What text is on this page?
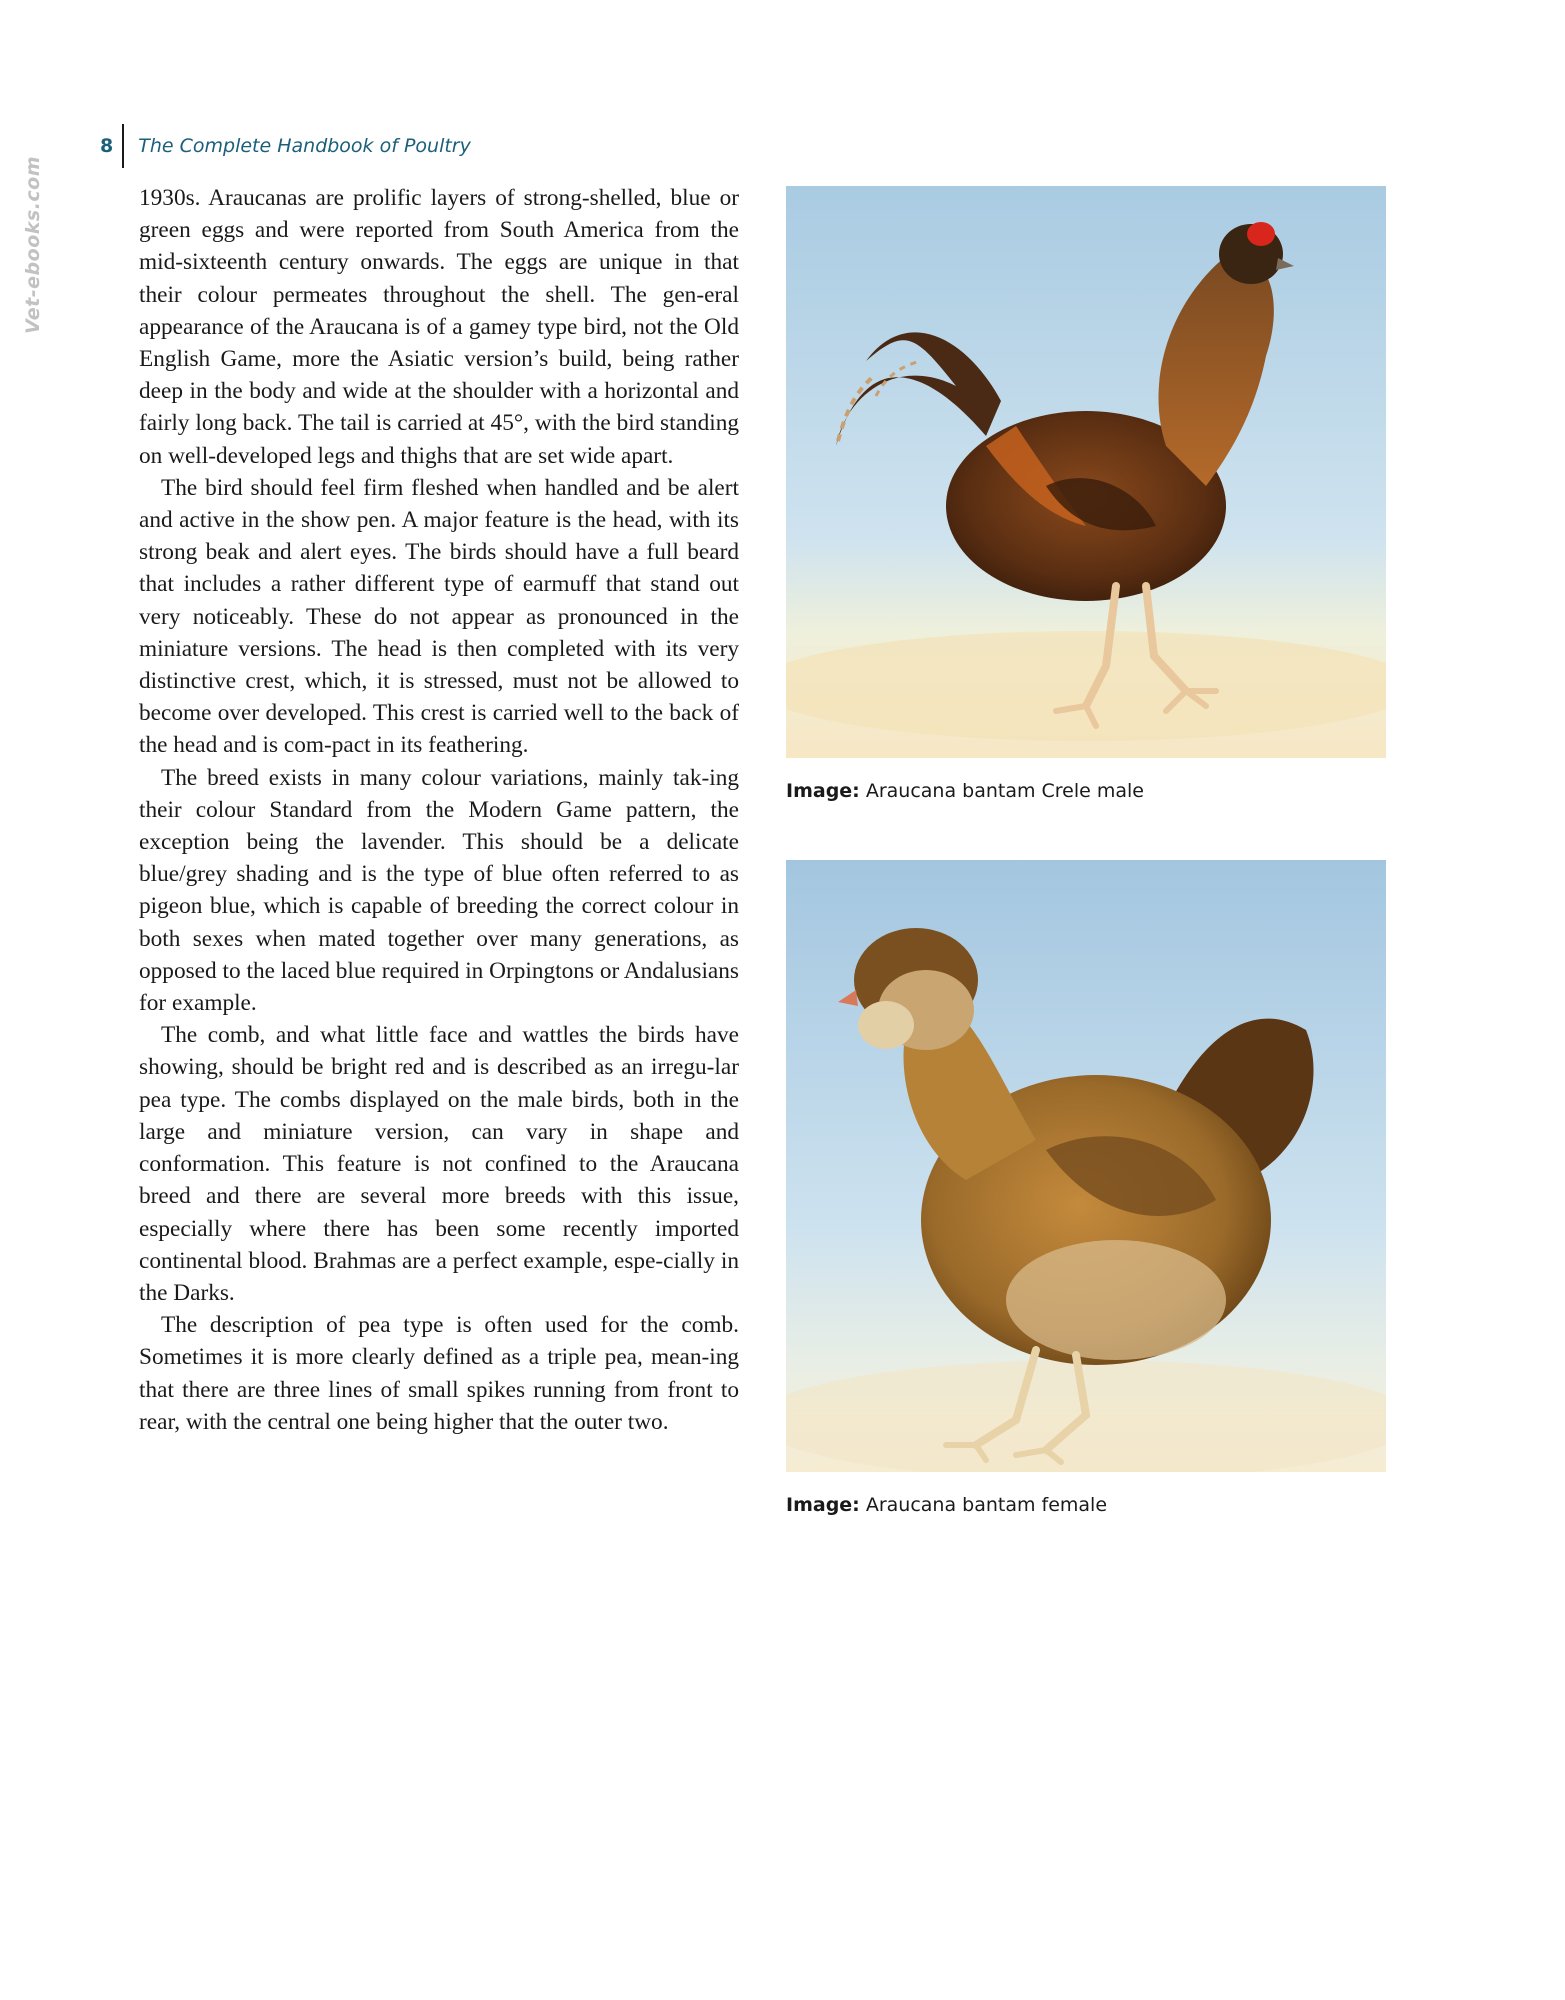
8	The Complete Handbook of Poultry
Vet-ebooks.com	1930s. Araucanas are prolific layers of strong-shelled, blue or green eggs and were reported from South America from the mid-sixteenth century onwards. The eggs are unique in that their colour permeates throughout the shell. The gen-eral appearance of the Araucana is of a gamey type bird, not the Old English Game, more the Asiatic version’s build, being rather deep in the body and wide at the shoulder with a horizontal and fairly long back. The tail is carried at 45°, with the bird standing on well-developed legs and thighs that are set wide apart.

The bird should feel firm fleshed when handled and be alert and active in the show pen. A major feature is the head, with its strong beak and alert eyes. The birds should have a full beard that includes a rather different type of earmuff that stand out very noticeably. These do not appear as pronounced in the miniature versions. The head is then completed with its very distinctive crest, which, it is stressed, must not be allowed to become over developed. This crest is carried well to the back of the head and is com-pact in its feathering.

The breed exists in many colour variations, mainly tak-ing their colour Standard from the Modern Game pattern, the exception being the lavender. This should be a delicate blue/grey shading and is the type of blue often referred to as pigeon blue, which is capable of breeding the correct colour in both sexes when mated together over many generations, as opposed to the laced blue required in Orpingtons or Andalusians for example.

The comb, and what little face and wattles the birds have showing, should be bright red and is described as an irregu-lar pea type. The combs displayed on the male birds, both in the large and miniature version, can vary in shape and conformation. This feature is not confined to the Araucana breed and there are several more breeds with this issue, especially where there has been some recently imported continental blood. Brahmas are a perfect example, espe-cially in the Darks.

The description of pea type is often used for the comb. Sometimes it is more clearly defined as a triple pea, mean-ing that there are three lines of small spikes running from front to rear, with the central one being higher that the outer two.

Image: Araucana bantam Crele male
Image: Araucana bantam female
